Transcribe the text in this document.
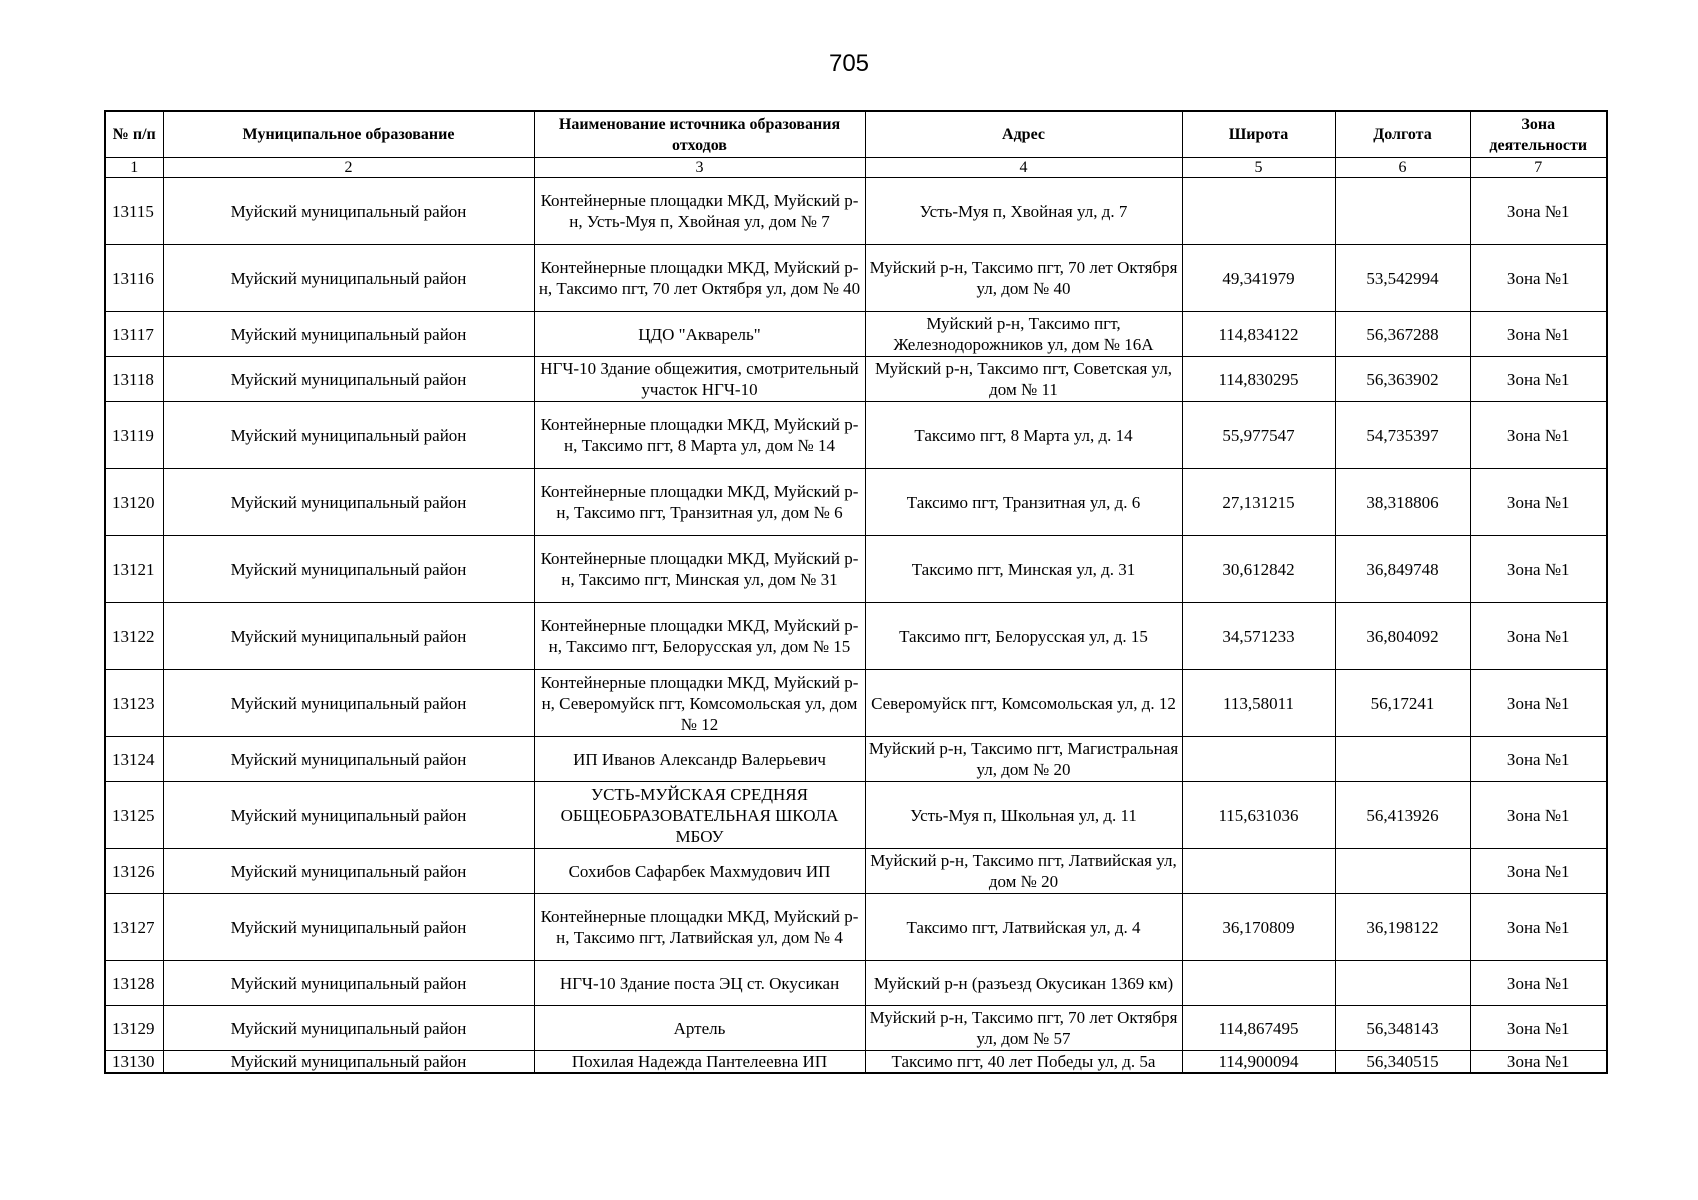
705
№ п/п	Муниципальное образование	Наименование источника образования отходов	Адрес	Широта	Долгота	Зона деятельности
1	2	3	4	5	6	7
13115	Муйский муниципальный район	Контейнерные площадки МКД, Муйский р-н, Усть-Муя п, Хвойная ул, дом № 7	Усть-Муя п, Хвойная ул, д. 7			Зона №1
13116	Муйский муниципальный район	Контейнерные площадки МКД, Муйский р-н, Таксимо пгт, 70 лет Октября ул, дом № 40	Муйский р-н, Таксимо пгт, 70 лет Октября ул, дом № 40	49,341979	53,542994	Зона №1
13117	Муйский муниципальный район	ЦДО "Акварель"	Муйский р-н, Таксимо пгт, Железнодорожников ул, дом № 16А	114,834122	56,367288	Зона №1
13118	Муйский муниципальный район	НГЧ-10 Здание общежития, смотрительный участок НГЧ-10	Муйский р-н, Таксимо пгт, Советская ул, дом № 11	114,830295	56,363902	Зона №1
13119	Муйский муниципальный район	Контейнерные площадки МКД, Муйский р-н, Таксимо пгт, 8 Марта ул, дом № 14	Таксимо пгт, 8 Марта ул, д. 14	55,977547	54,735397	Зона №1
13120	Муйский муниципальный район	Контейнерные площадки МКД, Муйский р-н, Таксимо пгт, Транзитная ул, дом № 6	Таксимо пгт, Транзитная ул, д. 6	27,131215	38,318806	Зона №1
13121	Муйский муниципальный район	Контейнерные площадки МКД, Муйский р-н, Таксимо пгт, Минская ул, дом № 31	Таксимо пгт, Минская ул, д. 31	30,612842	36,849748	Зона №1
13122	Муйский муниципальный район	Контейнерные площадки МКД, Муйский р-н, Таксимо пгт, Белорусская ул, дом № 15	Таксимо пгт, Белорусская ул, д. 15	34,571233	36,804092	Зона №1
13123	Муйский муниципальный район	Контейнерные площадки МКД, Муйский р-н, Северомуйск пгт, Комсомольская ул, дом № 12	Северомуйск пгт, Комсомольская ул, д. 12	113,58011	56,17241	Зона №1
13124	Муйский муниципальный район	ИП Иванов Александр Валерьевич	Муйский р-н, Таксимо пгт, Магистральная ул, дом № 20			Зона №1
13125	Муйский муниципальный район	УСТЬ-МУЙСКАЯ СРЕДНЯЯ ОБЩЕОБРАЗОВАТЕЛЬНАЯ ШКОЛА МБОУ	Усть-Муя п, Школьная ул, д. 11	115,631036	56,413926	Зона №1
13126	Муйский муниципальный район	Сохибов Сафарбек Махмудович ИП	Муйский р-н, Таксимо пгт, Латвийская ул, дом № 20			Зона №1
13127	Муйский муниципальный район	Контейнерные площадки МКД, Муйский р-н, Таксимо пгт, Латвийская ул, дом № 4	Таксимо пгт, Латвийская ул, д. 4	36,170809	36,198122	Зона №1
13128	Муйский муниципальный район	НГЧ-10 Здание поста ЭЦ ст. Окусикан	Муйский р-н (разъезд Окусикан 1369 км)			Зона №1
13129	Муйский муниципальный район	Артель	Муйский р-н, Таксимо пгт, 70 лет Октября ул, дом № 57	114,867495	56,348143	Зона №1
13130	Муйский муниципальный район	Похилая Надежда Пантелеевна ИП	Таксимо пгт, 40 лет Победы ул, д. 5а	114,900094	56,340515	Зона №1
